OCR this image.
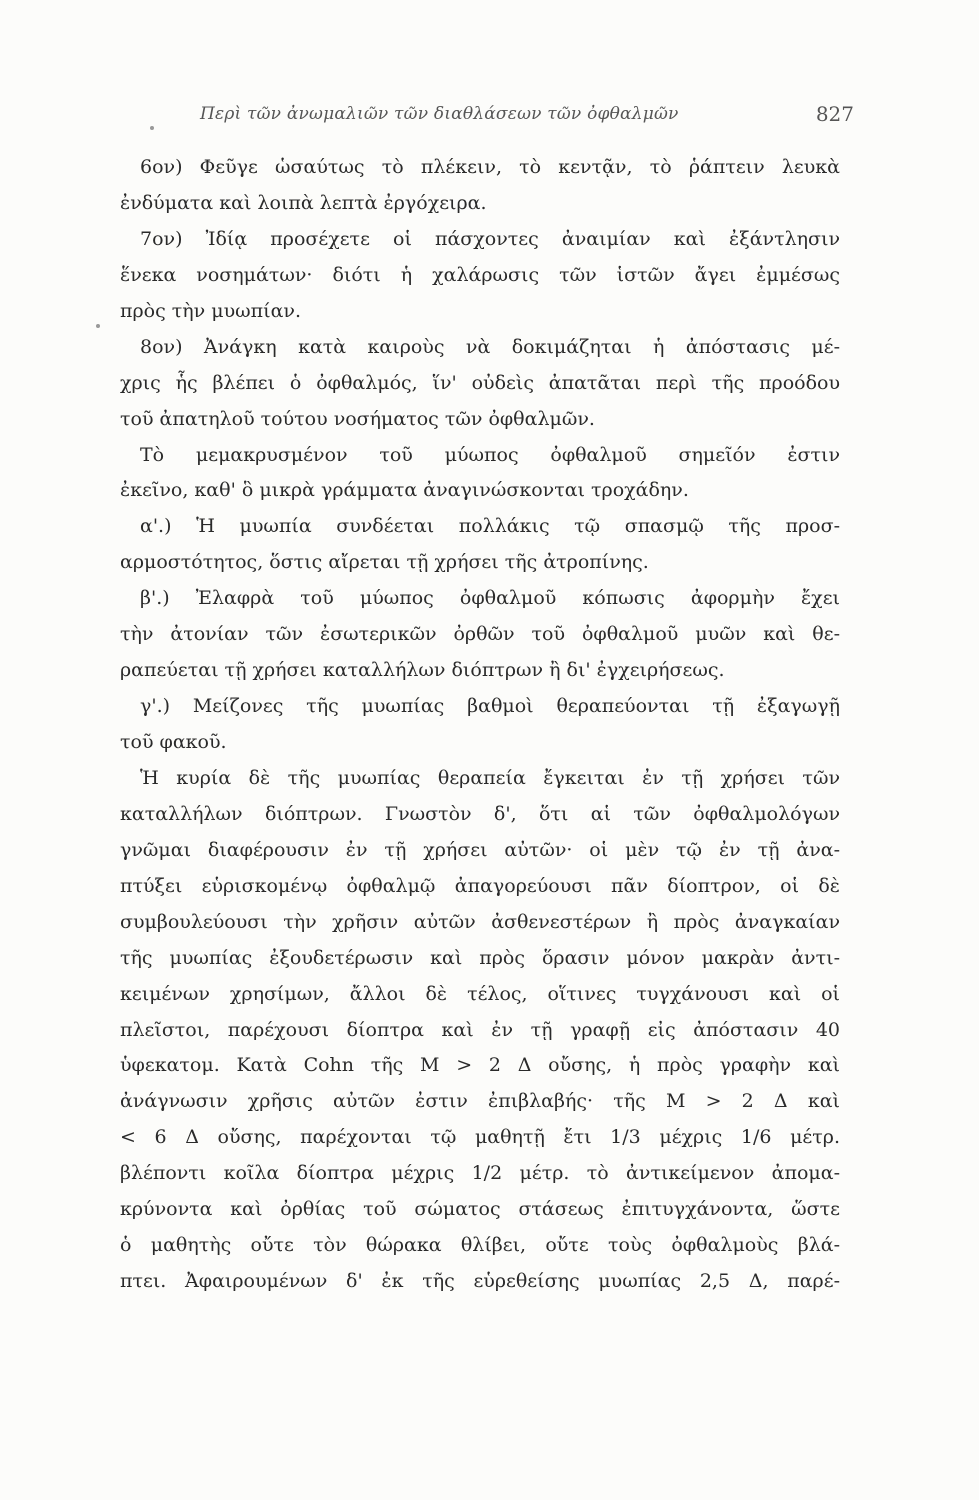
Περὶ τῶν ἀνωμαλιῶν τῶν διαθλάσεων τῶν ὀφθαλμῶν	827
6ον) Φεῦγε ὡσαύτως τὸ πλέκειν, τὸ κεντᾷν, τὸ ῥάπτειν λευκὰ
ἐνδύματα καὶ λοιπὰ λεπτὰ ἐργόχειρα.
7ον) Ἰδίᾳ προσέχετε οἱ πάσχοντες ἀναιμίαν καὶ ἐξάντλησιν
ἕνεκα νοσημάτων· διότι ἡ χαλάρωσις τῶν ἱστῶν ἄγει ἐμμέσως
πρὸς τὴν μυωπίαν.
8ον) Ἀνάγκη κατὰ καιροὺς νὰ δοκιμάζηται ἡ ἀπόστασις μέ-
χρις ἧς βλέπει ὁ ὀφθαλμός, ἵν' οὐδεὶς ἀπατᾶται περὶ τῆς προόδου
τοῦ ἀπατηλοῦ τούτου νοσήματος τῶν ὀφθαλμῶν.
Τὸ μεμακρυσμένον τοῦ μύωπος ὀφθαλμοῦ σημεῖόν ἐστιν
ἐκεῖνο, καθ' ὃ μικρὰ γράμματα ἀναγινώσκονται τροχάδην.
α'.) Ἡ μυωπία συνδέεται πολλάκις τῷ σπασμῷ τῆς προσ-
αρμοστότητος, ὅστις αἴρεται τῇ χρήσει τῆς ἀτροπίνης.
β'.) Ἐλαφρὰ τοῦ μύωπος ὀφθαλμοῦ κόπωσις ἀφορμὴν ἔχει
τὴν ἀτονίαν τῶν ἐσωτερικῶν ὀρθῶν τοῦ ὀφθαλμοῦ μυῶν καὶ θε-
ραπεύεται τῇ χρήσει καταλλήλων διόπτρων ἢ δι' ἐγχειρήσεως.
γ'.) Μείζονες τῆς μυωπίας βαθμοὶ θεραπεύονται τῇ ἐξαγωγῇ
τοῦ φακοῦ.
Ἡ κυρία δὲ τῆς μυωπίας θεραπεία ἔγκειται ἐν τῇ χρήσει τῶν
καταλλήλων διόπτρων. Γνωστὸν δ', ὅτι αἱ τῶν ὀφθαλμολόγων
γνῶμαι διαφέρουσιν ἐν τῇ χρήσει αὐτῶν· οἱ μὲν τῷ ἐν τῇ ἀνα-
πτύξει εὑρισκομένῳ ὀφθαλμῷ ἀπαγορεύουσι πᾶν δίοπτρον, οἱ δὲ
συμβουλεύουσι τὴν χρῆσιν αὐτῶν ἀσθενεστέρων ἢ πρὸς ἀναγκαίαν
τῆς μυωπίας ἐξουδετέρωσιν καὶ πρὸς ὅρασιν μόνον μακρὰν ἀντι-
κειμένων χρησίμων, ἄλλοι δὲ τέλος, οἵτινες τυγχάνουσι καὶ οἱ
πλεῖστοι, παρέχουσι δίοπτρα καὶ ἐν τῇ γραφῇ εἰς ἀπόστασιν 40
ὑφεκατομ. Κατὰ Cohn τῆς Μ > 2 Δ οὔσης, ἡ πρὸς γραφὴν καὶ
ἀνάγνωσιν χρῆσις αὐτῶν ἐστιν ἐπιβλαβής· τῆς Μ > 2 Δ καὶ
< 6 Δ οὔσης, παρέχονται τῷ μαθητῇ ἔτι 1/3 μέχρις 1/6 μέτρ.
βλέποντι κοῖλα δίοπτρα μέχρις 1/2 μέτρ. τὸ ἀντικείμενον ἀπομα-
κρύνοντα καὶ ὀρθίας τοῦ σώματος στάσεως ἐπιτυγχάνοντα, ὥστε
ὁ μαθητὴς οὔτε τὸν θώρακα θλίβει, οὔτε τοὺς ὀφθαλμοὺς βλά-
πτει. Ἀφαιρουμένων δ' ἐκ τῆς εὑρεθείσης μυωπίας 2,5 Δ, παρέ-
